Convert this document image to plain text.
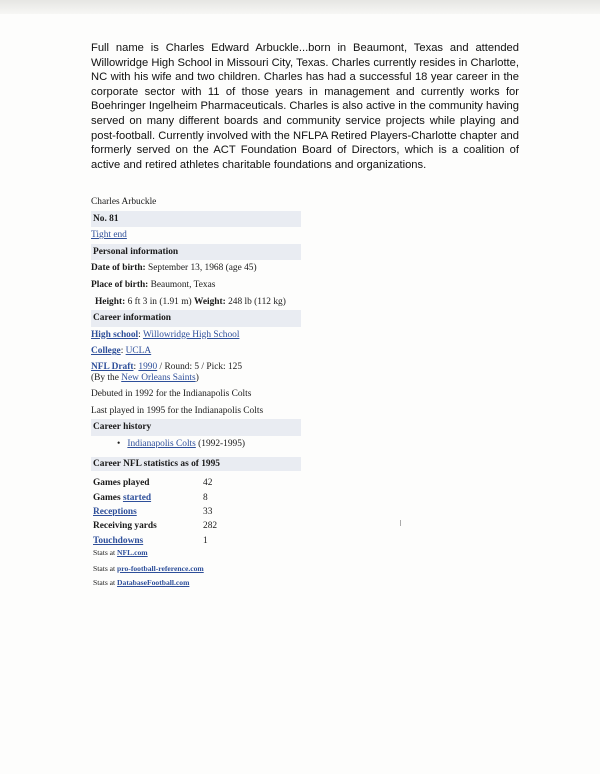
Full name is Charles Edward Arbuckle...born in Beaumont, Texas and attended Willowridge High School in Missouri City, Texas. Charles currently resides in Charlotte, NC with his wife and two children. Charles has had a successful 18 year career in the corporate sector with 11 of those years in management and currently works for Boehringer Ingelheim Pharmaceuticals. Charles is also active in the community having served on many different boards and community service projects while playing and post-football. Currently involved with the NFLPA Retired Players-Charlotte chapter and formerly served on the ACT Foundation Board of Directors, which is a coalition of active and retired athletes charitable foundations and organizations.
Charles Arbuckle
No. 81
Tight end
Personal information
Date of birth: September 13, 1968 (age 45)
Place of birth: Beaumont, Texas
Height: 6 ft 3 in (1.91 m) Weight: 248 lb (112 kg)
Career information
High school: Willowridge High School
College: UCLA
NFL Draft: 1990 / Round: 5 / Pick: 125
(By the New Orleans Saints)
Debuted in 1992 for the Indianapolis Colts
Last played in 1995 for the Indianapolis Colts
Career history
• Indianapolis Colts (1992-1995)
Career NFL statistics as of 1995
Games played	42
Games started	8
Receptions	33
Receiving yards	282
Touchdowns	1
Stats at NFL.com
Stats at pro-football-reference.com
Stats at DatabaseFootball.com
